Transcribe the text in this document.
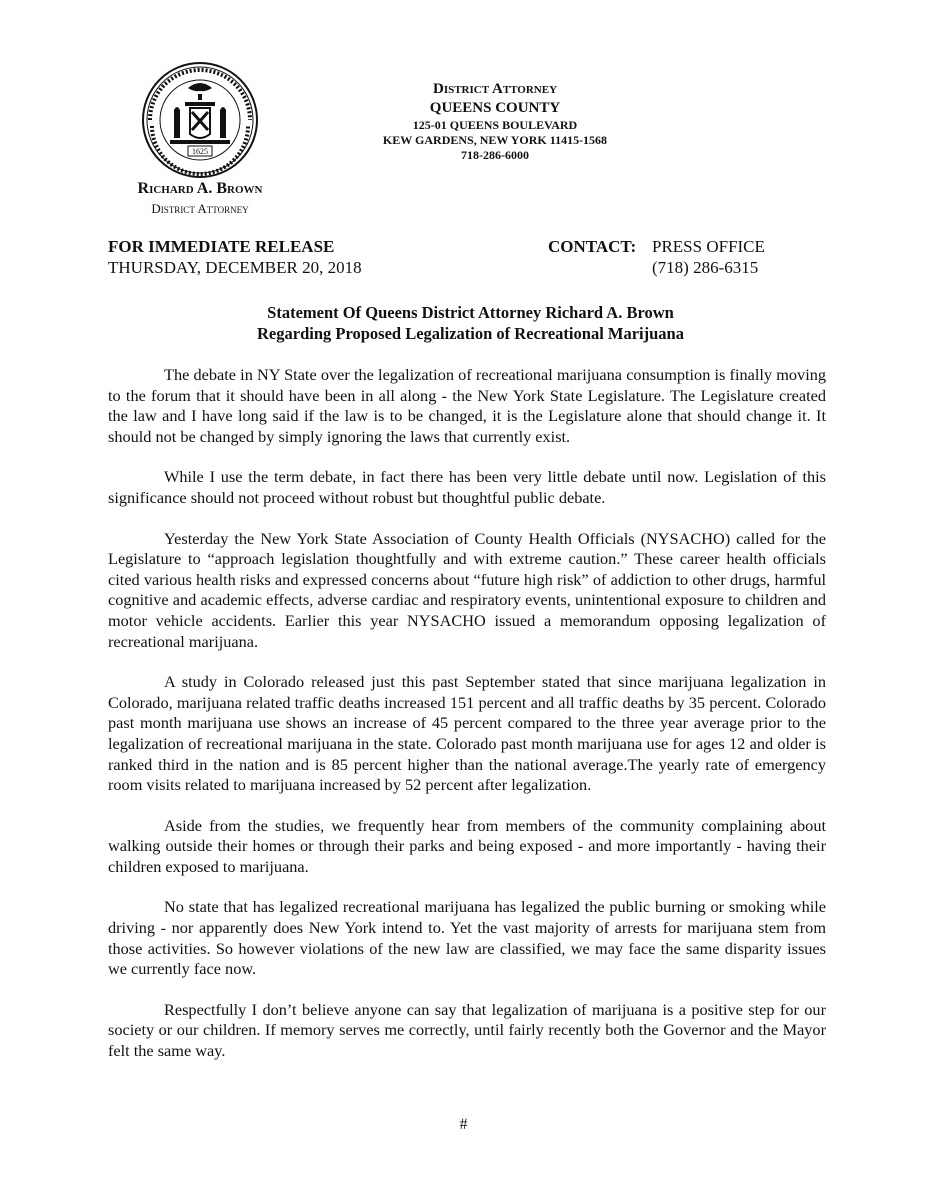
1625
Richard A. Brown
District Attorney
District Attorney
QUEENS COUNTY
125-01 QUEENS BOULEVARD
KEW GARDENS, NEW YORK 11415-1568
718-286-6000
FOR IMMEDIATE RELEASE
THURSDAY, DECEMBER 20, 2018
CONTACT: PRESS OFFICE
(718) 286-6315
Statement Of Queens District Attorney Richard A. Brown
Regarding Proposed Legalization of Recreational Marijuana

The debate in NY State over the legalization of recreational marijuana consumption is finally moving to the forum that it should have been in all along - the New York State Legislature. The Legislature created the law and I have long said if the law is to be changed, it is the Legislature alone that should change it. It should not be changed by simply ignoring the laws that currently exist.

While I use the term debate, in fact there has been very little debate until now. Legislation of this significance should not proceed without robust but thoughtful public debate.

Yesterday the New York State Association of County Health Officials (NYSACHO) called for the Legislature to “approach legislation thoughtfully and with extreme caution.” These career health officials cited various health risks and expressed concerns about “future high risk” of addiction to other drugs, harmful cognitive and academic effects, adverse cardiac and respiratory events, unintentional exposure to children and motor vehicle accidents. Earlier this year NYSACHO issued a memorandum opposing legalization of recreational marijuana.

A study in Colorado released just this past September stated that since marijuana legalization in Colorado, marijuana related traffic deaths increased 151 percent and all traffic deaths by 35 percent. Colorado past month marijuana use shows an increase of 45 percent compared to the three year average prior to the legalization of recreational marijuana in the state. Colorado past month marijuana use for ages 12 and older is ranked third in the nation and is 85 percent higher than the national average.The yearly rate of emergency room visits related to marijuana increased by 52 percent after legalization.

Aside from the studies, we frequently hear from members of the community complaining about walking outside their homes or through their parks and being exposed - and more importantly - having their children exposed to marijuana.

No state that has legalized recreational marijuana has legalized the public burning or smoking while driving - nor apparently does New York intend to. Yet the vast majority of arrests for marijuana stem from those activities. So however violations of the new law are classified, we may face the same disparity issues we currently face now.

Respectfully I don’t believe anyone can say that legalization of marijuana is a positive step for our society or our children. If memory serves me correctly, until fairly recently both the Governor and the Mayor felt the same way.

#
